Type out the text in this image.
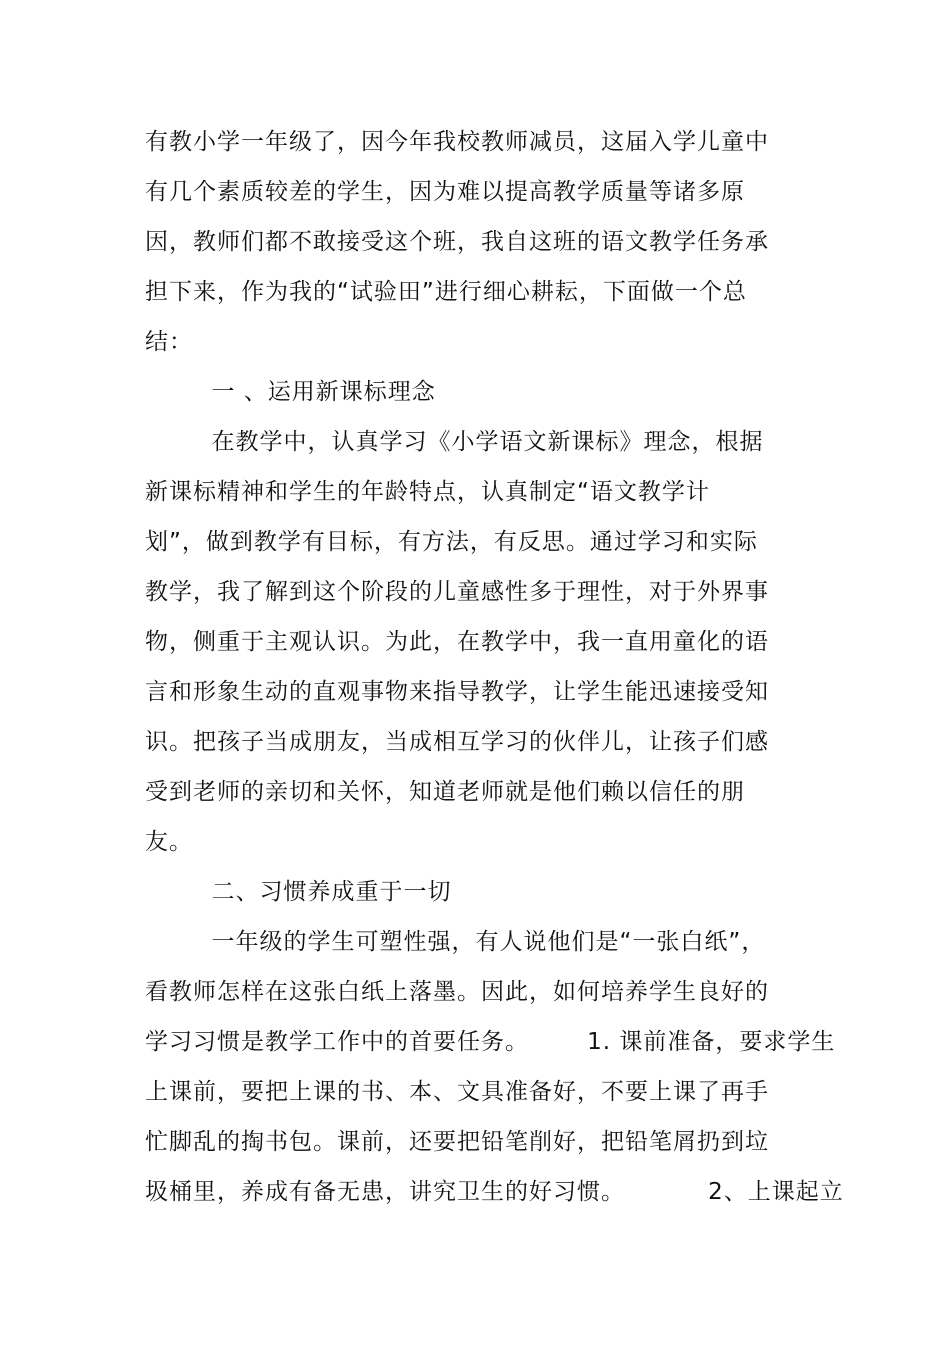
有教小学一年级了，因今年我校教师减员，这届入学儿童中
有几个素质较差的学生，因为难以提高教学质量等诸多原
因，教师们都不敢接受这个班，我自这班的语文教学任务承
担下来，作为我的“试验田”进行细心耕耘，下面做一个总
结：
一 、运用新课标理念
在教学中，认真学习《小学语文新课标》理念，根据
新课标精神和学生的年龄特点，认真制定“语文教学计
划”，做到教学有目标，有方法，有反思。通过学习和实际
教学，我了解到这个阶段的儿童感性多于理性，对于外界事
物，侧重于主观认识。为此，在教学中，我一直用童化的语
言和形象生动的直观事物来指导教学，让学生能迅速接受知
识。把孩子当成朋友，当成相互学习的伙伴儿，让孩子们感
受到老师的亲切和关怀，知道老师就是他们赖以信任的朋
友。
二、习惯养成重于一切
一年级的学生可塑性强，有人说他们是“一张白纸”，
看教师怎样在这张白纸上落墨。因此，如何培养学生良好的
学习习惯是教学工作中的首要任务。       1. 课前准备，要求学生
上课前，要把上课的书、本、文具准备好，不要上课了再手
忙脚乱的掏书包。课前，还要把铅笔削好，把铅笔屑扔到垃
圾桶里，养成有备无患，讲究卫生的好习惯。          2、上课起立
